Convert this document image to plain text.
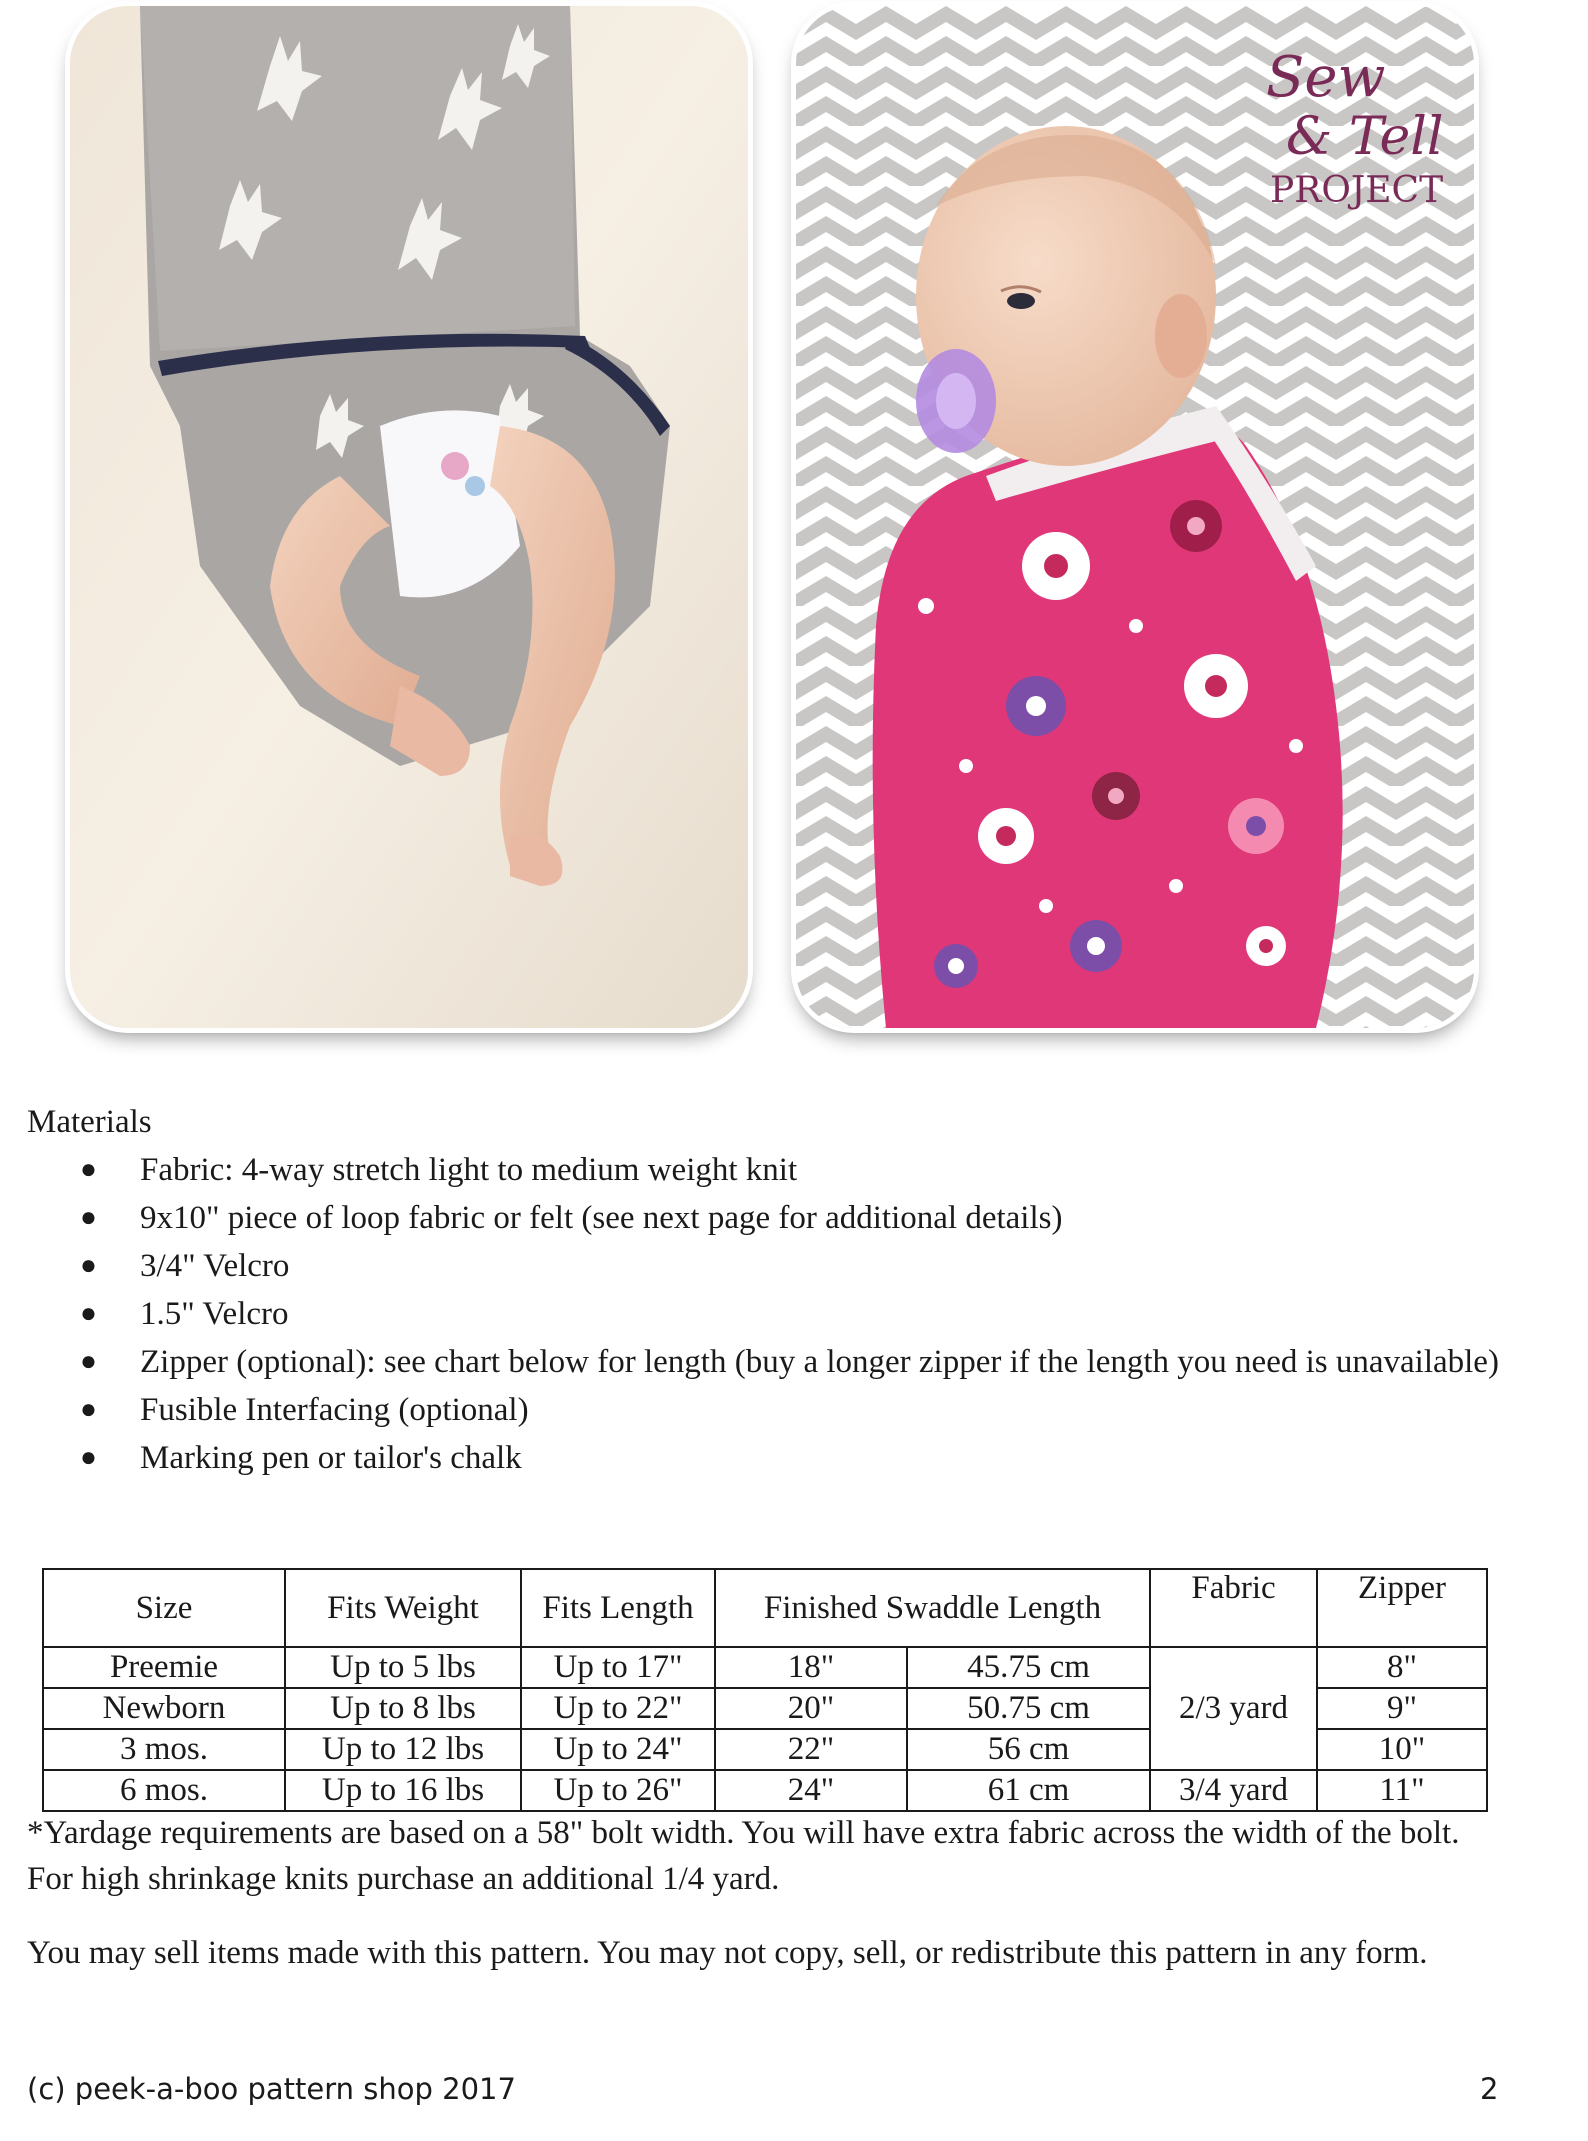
Sew
& Tell
PROJECT
Materials
● Fabric: 4-way stretch light to medium weight knit
● 9x10" piece of loop fabric or felt (see next page for additional details)
● 3/4" Velcro
● 1.5" Velcro
● Zipper (optional): see chart below for length (buy a longer zipper if the length you need is unavailable)
● Fusible Interfacing (optional)
● Marking pen or tailor's chalk
Size	Fits Weight	Fits Length	Finished Swaddle Length		Fabric	Zipper
Preemie	Up to 5 lbs	Up to 17"	18"	45.75 cm	2/3 yard	8"
Newborn	Up to 8 lbs	Up to 22"	20"	50.75 cm		9"
3 mos.	Up to 12 lbs	Up to 24"	22"	56 cm		10"
6 mos.	Up to 16 lbs	Up to 26"	24"	61 cm	3/4 yard	11"

*Yardage requirements are based on a 58" bolt width. You will have extra fabric across the width of the bolt. For high shrinkage knits purchase an additional 1/4 yard.

You may sell items made with this pattern. You may not copy, sell, or redistribute this pattern in any form.

(c) peek-a-boo pattern shop 2017	2
